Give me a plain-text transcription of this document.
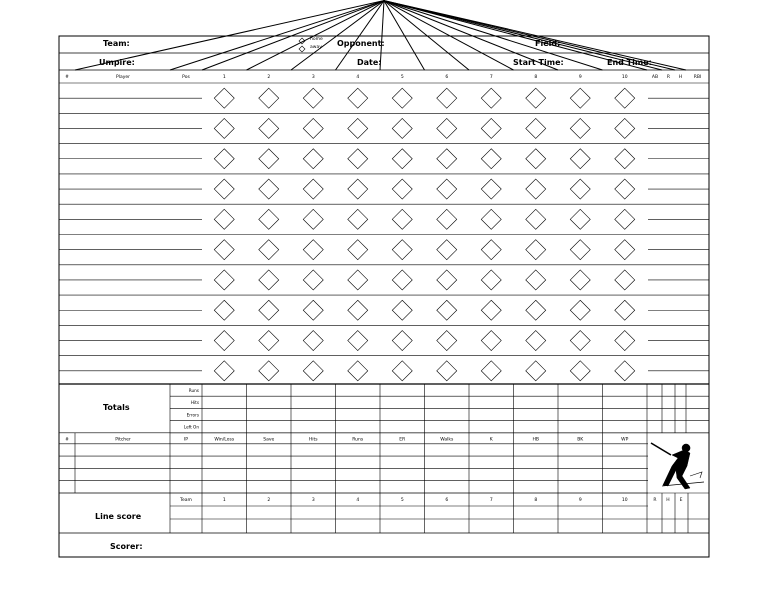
#	Player	Pos	1	2	3	4	5	6	7	8	9	10	AB R H	RBI
Runs
Hits
Errors
Left On
#	Pitcher	IP	Win/Loss	Save	Hits	Runs	ER	Walks	K	HB	BK	WP
Team	1	2	3	4	5	6	7	8	9	10	R H E
Team:	home
away Opponent:	Field:
Umpire:	Date:	Start Time:	End Time:
Totals
Line score
Scorer:
